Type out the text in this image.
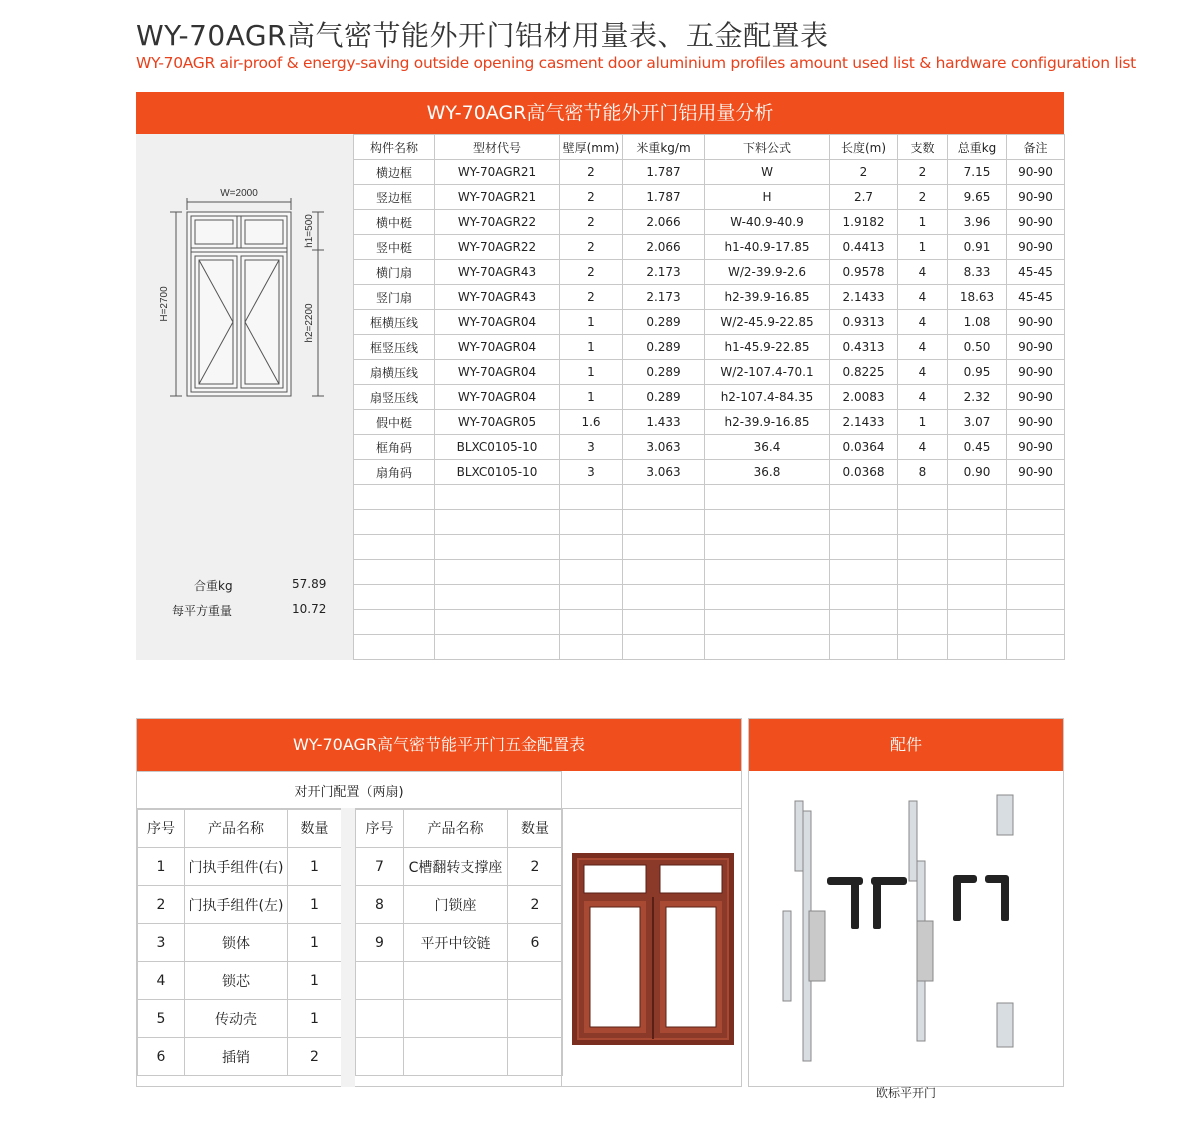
WY-70AGR高气密节能外开门铝材用量表、五金配置表
WY-70AGR air-proof & energy-saving outside opening casment door aluminium profiles amount used list & hardware configuration list
WY-70AGR高气密节能外开门铝用量分析
W=2000
H=2700
h1=500
h2=2200
合重kg	57.89
每平方重量	10.72
构件名称	型材代号	壁厚(mm)	米重kg/m	下料公式	长度(m)	支数	总重kg	备注
横边框	WY-70AGR21	2	1.787	W	2	2	7.15	90-90
竖边框	WY-70AGR21	2	1.787	H	2.7	2	9.65	90-90
横中梃	WY-70AGR22	2	2.066	W-40.9-40.9	1.9182	1	3.96	90-90
竖中梃	WY-70AGR22	2	2.066	h1-40.9-17.85	0.4413	1	0.91	90-90
横门扇	WY-70AGR43	2	2.173	W/2-39.9-2.6	0.9578	4	8.33	45-45
竖门扇	WY-70AGR43	2	2.173	h2-39.9-16.85	2.1433	4	18.63	45-45
框横压线	WY-70AGR04	1	0.289	W/2-45.9-22.85	0.9313	4	1.08	90-90
框竖压线	WY-70AGR04	1	0.289	h1-45.9-22.85	0.4313	4	0.50	90-90
扇横压线	WY-70AGR04	1	0.289	W/2-107.4-70.1	0.8225	4	0.95	90-90
扇竖压线	WY-70AGR04	1	0.289	h2-107.4-84.35	2.0083	4	2.32	90-90
假中梃	WY-70AGR05	1.6	1.433	h2-39.9-16.85	2.1433	1	3.07	90-90
框角码	BLXC0105-10	3	3.063	36.4	0.0364	4	0.45	90-90
扇角码	BLXC0105-10	3	3.063	36.8	0.0368	8	0.90	90-90

WY-70AGR高气密节能平开门五金配置表
对开门配置（两扇)
序号	产品名称	数量
1	门执手组件(右)	1
2	门执手组件(左)	1
3	锁体	1
4	锁芯	1
5	传动壳	1
6	插销	2
序号	产品名称	数量
7	C槽翻转支撑座	2
8	门锁座	2
9	平开中铰链	6

配件
欧标平开门
